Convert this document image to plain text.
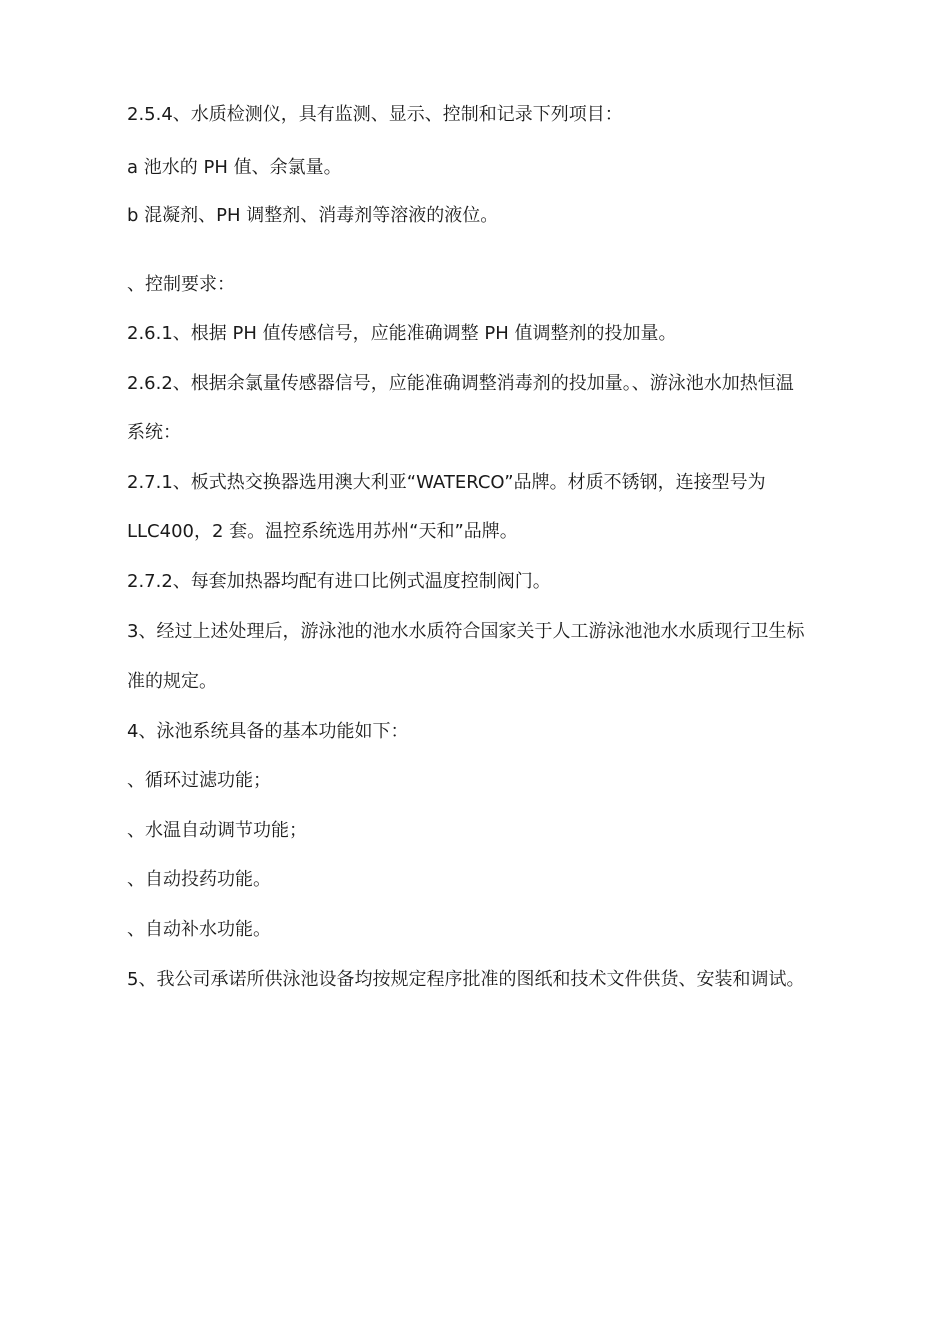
2.5.4、水质检测仪，具有监测、显示、控制和记录下列项目：
a 池水的 PH 值、余氯量。
b 混凝剂、PH 调整剂、消毒剂等溶液的液位。
、控制要求：
2.6.1、根据 PH 值传感信号，应能准确调整 PH 值调整剂的投加量。
2.6.2、根据余氯量传感器信号，应能准确调整消毒剂的投加量。、游泳池水加热恒温
系统：
2.7.1、板式热交换器选用澳大利亚“WATERCO”品牌。材质不锈钢，连接型号为
LLC400，2 套。温控系统选用苏州“天和”品牌。
2.7.2、每套加热器均配有进口比例式温度控制阀门。
3、经过上述处理后，游泳池的池水水质符合国家关于人工游泳池池水水质现行卫生标
准的规定。
4、泳池系统具备的基本功能如下：
、循环过滤功能；
、水温自动调节功能；
、自动投药功能。
、自动补水功能。
5、我公司承诺所供泳池设备均按规定程序批准的图纸和技术文件供货、安装和调试。
